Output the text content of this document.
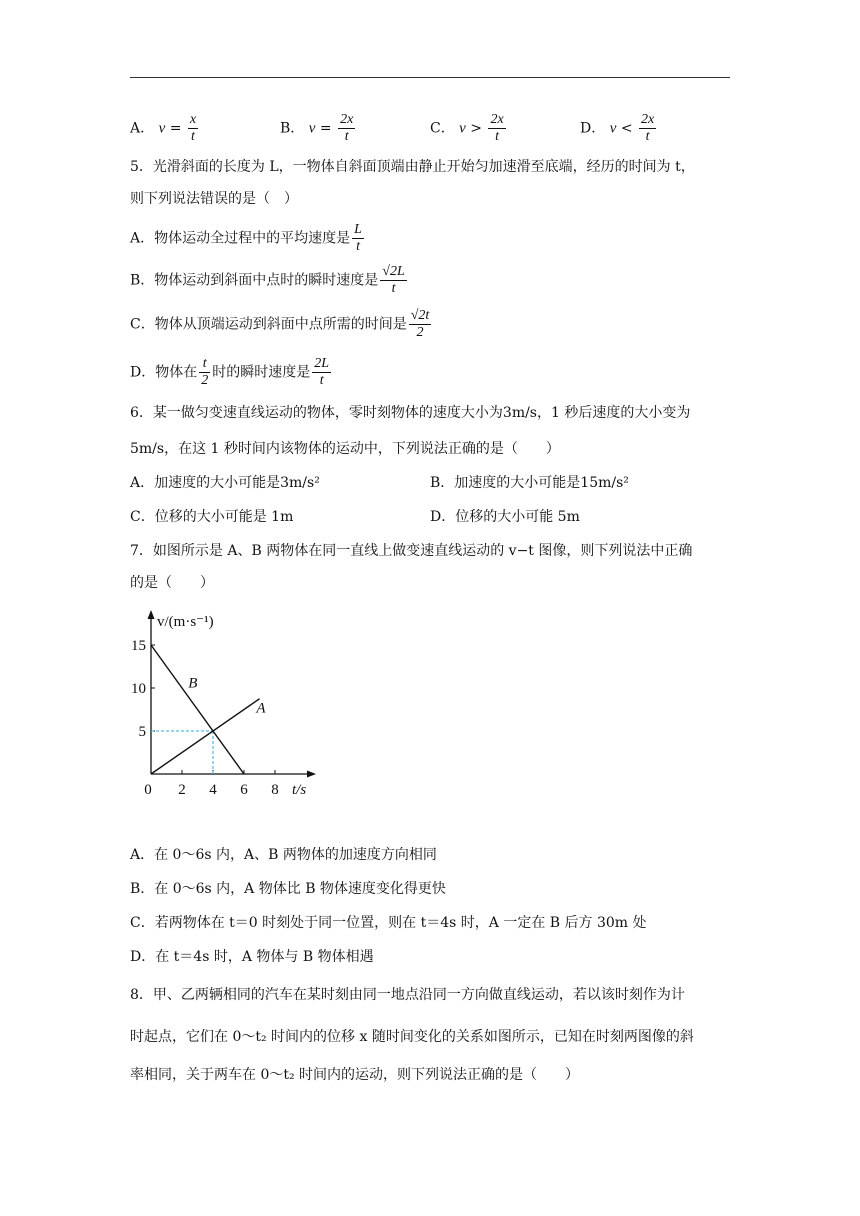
A． $v = \frac{x}{t}$	B． $v = \frac{2x}{t}$	C． $v > \frac{2x}{t}$	D． $v < \frac{2x}{t}$
5．光滑斜面的长度为 L，一物体自斜面顶端由静止开始匀加速滑至底端，经历的时间为 t，
则下列说法错误的是（　）
A．物体运动全过程中的平均速度是 $\frac{L}{t}$
B．物体运动到斜面中点时的瞬时速度是 $\frac{√2L}{t}$
C．物体从顶端运动到斜面中点所需的时间是 $\frac{√2t}{2}$
D．物体在 $\frac{t}{2}$ 时的瞬时速度是 $\frac{2L}{t}$
6．某一做匀变速直线运动的物体，零时刻物体的速度大小为3m/s，1 秒后速度的大小变为
5m/s，在这 1 秒时间内该物体的运动中，下列说法正确的是（　　）
A．加速度的大小可能是3m/s²	B．加速度的大小可能是15m/s²
C．位移的大小可能是 1m	D．位移的大小可能 5m
7．如图所示是 A、B 两物体在同一直线上做变速直线运动的 v−t 图像，则下列说法中正确
的是（　　）
0 2 4 6 8
5
10
15
v/(m·s⁻¹)
t/s
B
A
A．在 0～6s 内，A、B 两物体的加速度方向相同
B．在 0～6s 内，A 物体比 B 物体速度变化得更快
C．若两物体在 t＝0 时刻处于同一位置，则在 t＝4s 时，A 一定在 B 后方 30m 处
D．在 t＝4s 时，A 物体与 B 物体相遇
8．甲、乙两辆相同的汽车在某时刻由同一地点沿同一方向做直线运动，若以该时刻作为计
时起点，它们在 0～t₂ 时间内的位移 x 随时间变化的关系如图所示，已知在时刻两图像的斜
率相同，关于两车在 0～t₂ 时间内的运动，则下列说法正确的是（　　）
